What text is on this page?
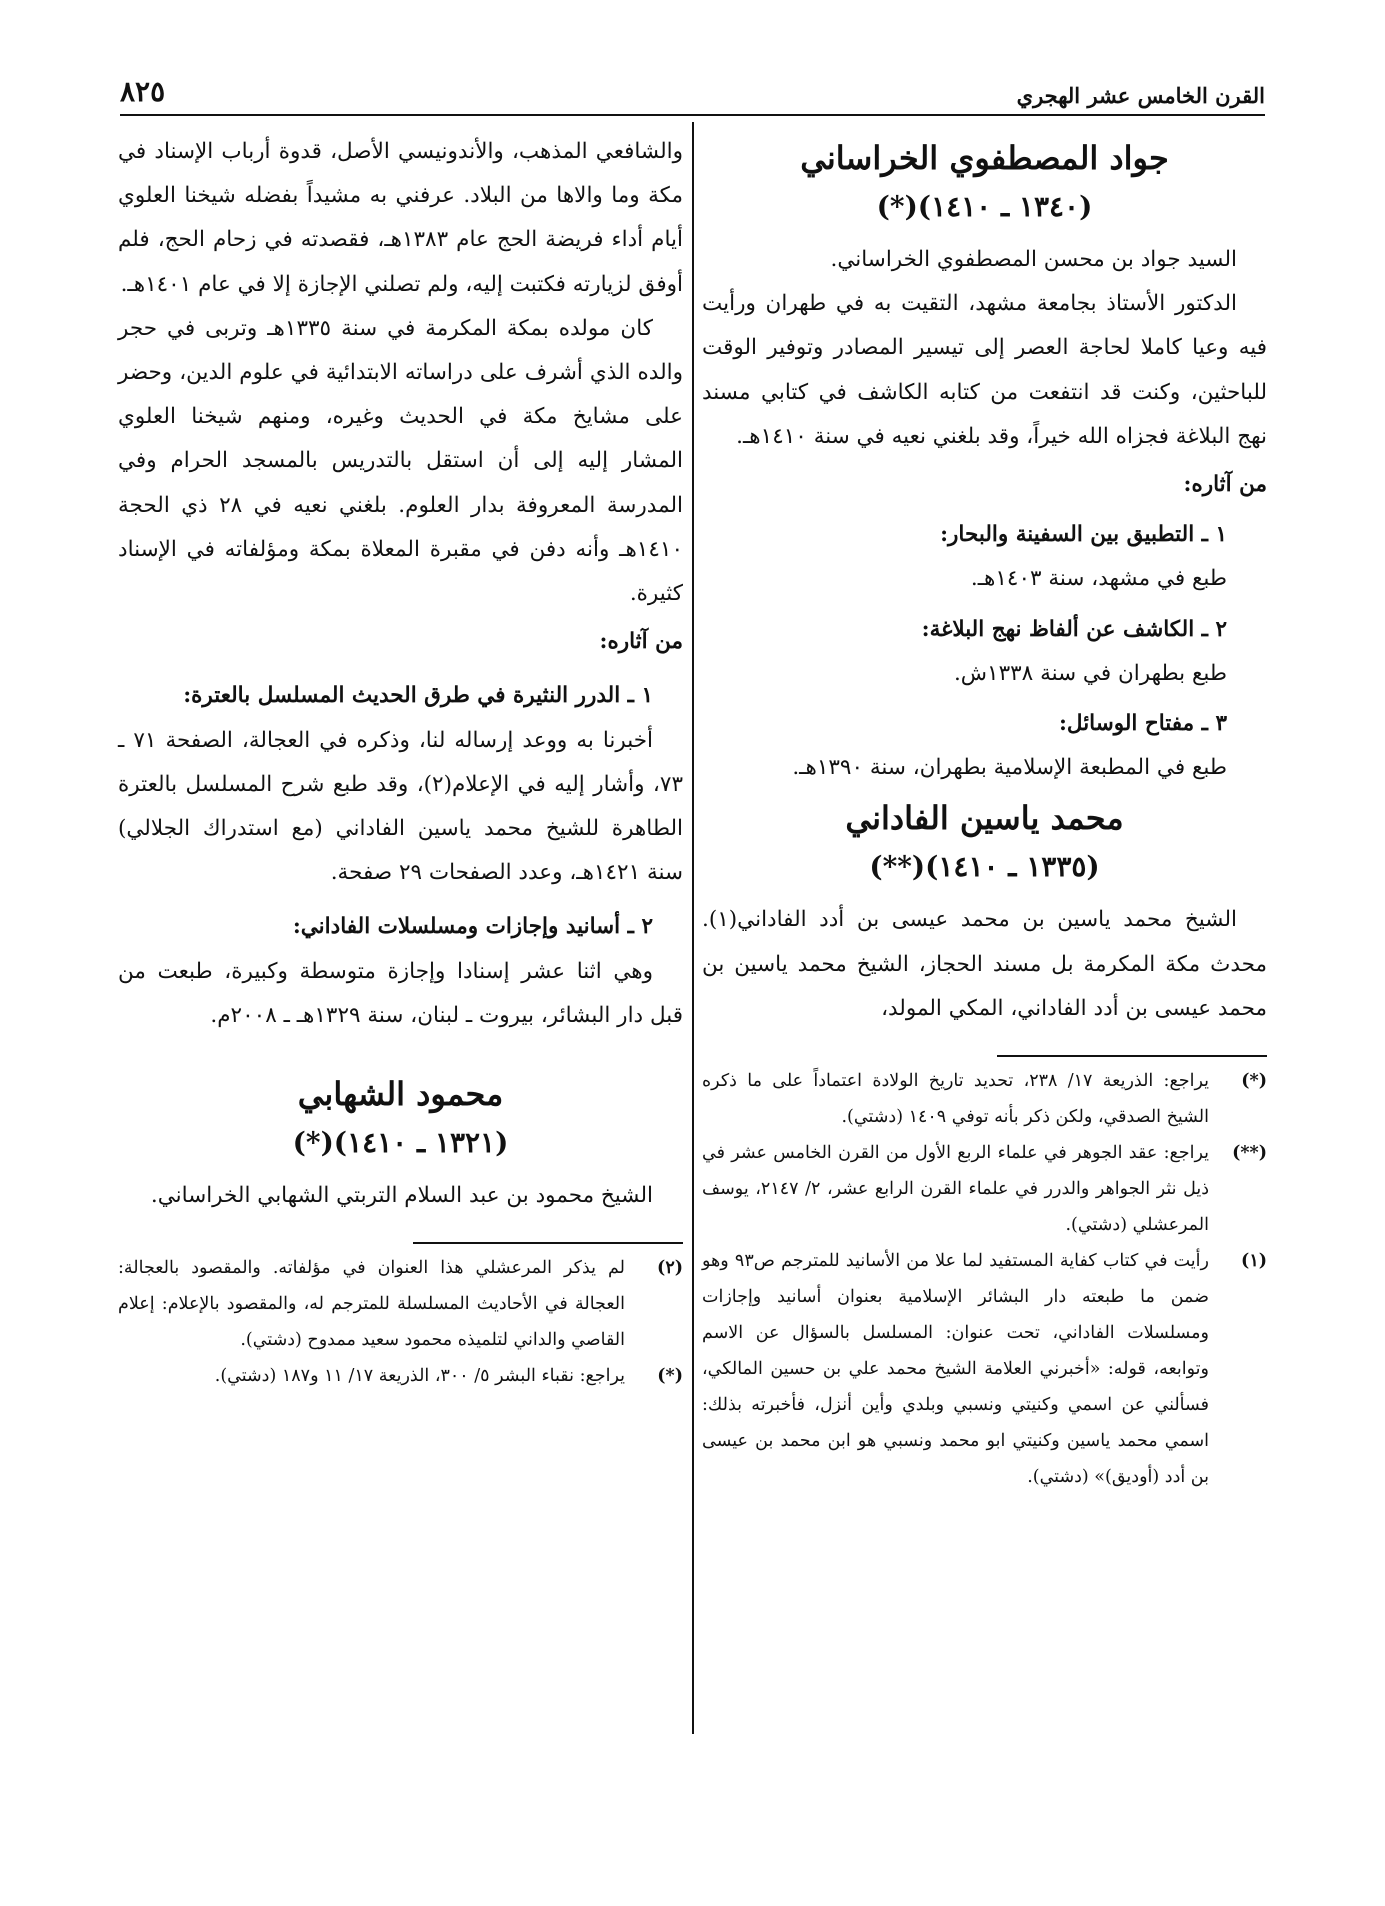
القرن الخامس عشر الهجري
٨٢٥
جواد المصطفوي الخراساني
(١٣٤٠ ـ ١٤١٠)(*)

السيد جواد بن محسن المصطفوي الخراساني.

الدكتور الأستاذ بجامعة مشهد، التقيت به في طهران ورأيت فيه وعيا كاملا لحاجة العصر إلى تيسير المصادر وتوفير الوقت للباحثين، وكنت قد انتفعت من كتابه الكاشف في كتابي مسند نهج البلاغة فجزاه الله خيراً، وقد بلغني نعيه في سنة ١٤١٠هـ.

من آثاره:

١ ـ التطبيق بين السفينة والبحار:

طبع في مشهد، سنة ١٤٠٣هـ.

٢ ـ الكاشف عن ألفاظ نهج البلاغة:

طبع بطهران في سنة ١٣٣٨ش.

٣ ـ مفتاح الوسائل:

طبع في المطبعة الإسلامية بطهران، سنة ١٣٩٠هـ.

محمد ياسين الفاداني
(١٣٣٥ ـ ١٤١٠)(**)

الشيخ محمد ياسين بن محمد عيسى بن أدد الفاداني(١). محدث مكة المكرمة بل مسند الحجاز، الشيخ محمد ياسين بن محمد عيسى بن أدد الفاداني، المكي المولد،

(*)
يراجع: الذريعة ١٧/ ٢٣٨، تحديد تاريخ الولادة اعتماداً على ما ذكره الشيخ الصدقي، ولكن ذكر بأنه توفي ١٤٠٩ (دشتي).
(**)
يراجع: عقد الجوهر في علماء الربع الأول من القرن الخامس عشر في ذيل نثر الجواهر والدرر في علماء القرن الرابع عشر، ٢/ ٢١٤٧، يوسف المرعشلي (دشتي).
(١)
رأيت في كتاب كفاية المستفيد لما علا من الأسانيد للمترجم ص٩٣ وهو ضمن ما طبعته دار البشائر الإسلامية بعنوان أسانيد وإجازات ومسلسلات الفاداني، تحت عنوان: المسلسل بالسؤال عن الاسم وتوابعه، قوله: «أخبرني العلامة الشيخ محمد علي بن حسين المالكي، فسألني عن اسمي وكنيتي ونسبي وبلدي وأين أنزل، فأخبرته بذلك: اسمي محمد ياسين وكنيتي ابو محمد ونسبي هو ابن محمد بن عيسى بن أدد (أوديق)» (دشتي).

والشافعي المذهب، والأندونيسي الأصل، قدوة أرباب الإسناد في مكة وما والاها من البلاد. عرفني به مشيداً بفضله شيخنا العلوي أيام أداء فريضة الحج عام ١٣٨٣هـ، فقصدته في زحام الحج، فلم أوفق لزيارته فكتبت إليه، ولم تصلني الإجازة إلا في عام ١٤٠١هـ.

كان مولده بمكة المكرمة في سنة ١٣٣٥هـ وتربى في حجر والده الذي أشرف على دراساته الابتدائية في علوم الدين، وحضر على مشايخ مكة في الحديث وغيره، ومنهم شيخنا العلوي المشار إليه إلى أن استقل بالتدريس بالمسجد الحرام وفي المدرسة المعروفة بدار العلوم. بلغني نعيه في ٢٨ ذي الحجة ١٤١٠هـ وأنه دفن في مقبرة المعلاة بمكة ومؤلفاته في الإسناد كثيرة.

من آثاره:

١ ـ الدرر النثيرة في طرق الحديث المسلسل بالعترة:

أخبرنا به ووعد إرساله لنا، وذكره في العجالة، الصفحة ٧١ ـ ٧٣، وأشار إليه في الإعلام(٢)، وقد طبع شرح المسلسل بالعترة الطاهرة للشيخ محمد ياسين الفاداني (مع استدراك الجلالي) سنة ١٤٢١هـ، وعدد الصفحات ٢٩ صفحة.

٢ ـ أسانيد وإجازات ومسلسلات الفاداني:

وهي اثنا عشر إسنادا وإجازة متوسطة وكبيرة، طبعت من قبل دار البشائر، بيروت ـ لبنان، سنة ١٣٢٩هـ ـ ٢٠٠٨م.

محمود الشهابي
(١٣٢١ ـ ١٤١٠)(*)

الشيخ محمود بن عبد السلام التربتي الشهابي الخراساني.

(٢)
لم يذكر المرعشلي هذا العنوان في مؤلفاته. والمقصود بالعجالة: العجالة في الأحاديث المسلسلة للمترجم له، والمقصود بالإعلام: إعلام القاصي والداني لتلميذه محمود سعيد ممدوح (دشتي).
(*)
يراجع: نقباء البشر ٥/ ٣٠٠، الذريعة ١٧/ ١١ و١٨٧ (دشتي).
